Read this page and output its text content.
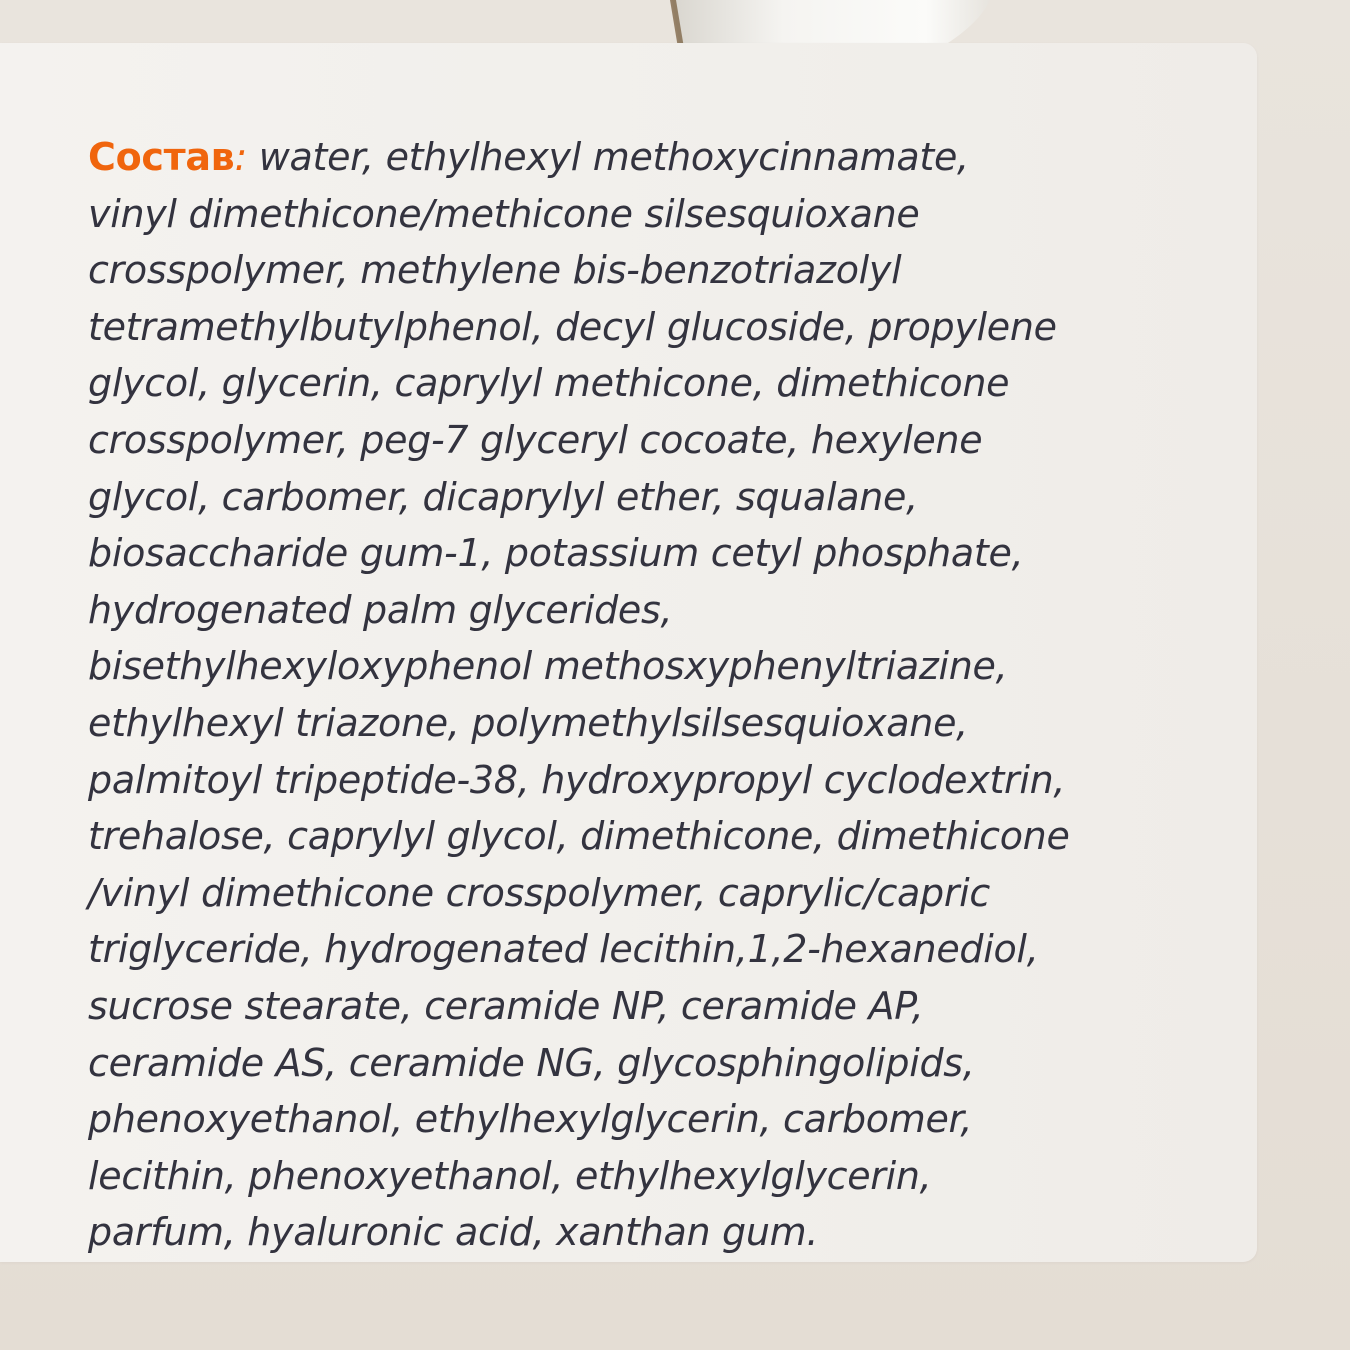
Состав: water, ethylhexyl methoxycinnamate,
vinyl dimethicone/methicone silsesquioxane
crosspolymer, methylene bis-benzotriazolyl
tetramethylbutylphenol, decyl glucoside, propylene
glycol, glycerin, caprylyl methicone, dimethicone
crosspolymer, peg-7 glyceryl cocoate, hexylene
glycol, carbomer, dicaprylyl ether, squalane,
biosaccharide gum-1, potassium cetyl phosphate,
hydrogenated palm glycerides,
bisethylhexyloxyphenol methosxyphenyltriazine,
ethylhexyl triazone, polymethylsilsesquioxane,
palmitoyl tripeptide-38, hydroxypropyl cyclodextrin,
trehalose, caprylyl glycol, dimethicone, dimethicone
/vinyl dimethicone crosspolymer, caprylic/capric
triglyceride, hydrogenated lecithin,1,2-hexanediol,
sucrose stearate, ceramide NP, ceramide AP,
ceramide AS, ceramide NG, glycosphingolipids,
phenoxyethanol, ethylhexylglycerin, carbomer,
lecithin, phenoxyethanol, ethylhexylglycerin,
parfum, hyaluronic acid, xanthan gum.
